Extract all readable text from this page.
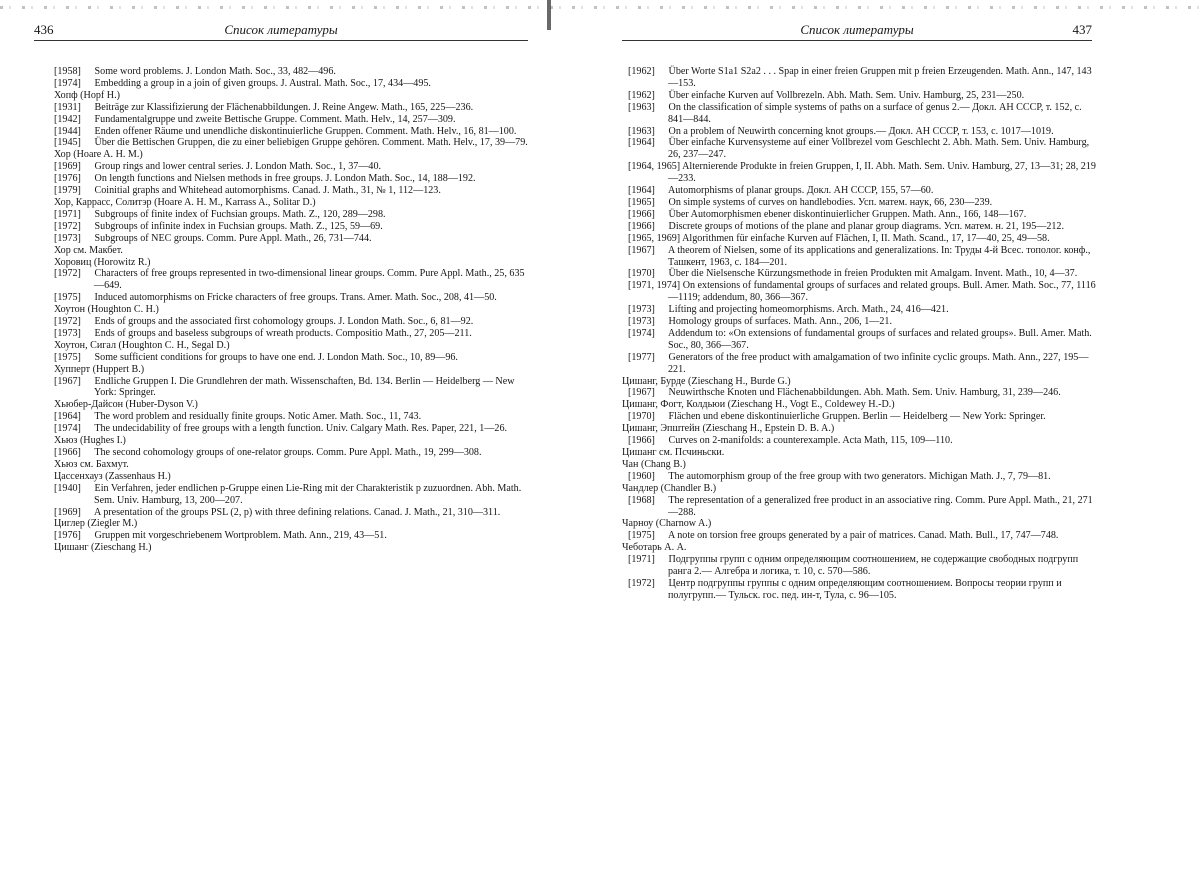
436	Список литературы
[1958] Some word problems. J. London Math. Soc., 33, 482—496.
[1974] Embedding a group in a join of given groups. J. Austral. Math. Soc., 17, 434—495.
Хопф (Hopf H.)
[1931] Beiträge zur Klassifizierung der Flächenabbildungen. J. Reine Angew. Math., 165, 225—236.
[1942] Fundamentalgruppe und zweite Bettische Gruppe. Comment. Math. Helv., 14, 257—309.
[1944] Enden offener Räume und unendliche diskontinuierliche Gruppen. Comment. Math. Helv., 16, 81—100.
[1945] Über die Bettischen Gruppen, die zu einer beliebigen Gruppe gehören. Comment. Math. Helv., 17, 39—79.
Хор (Hoare A. H. M.)
[1969] Group rings and lower central series. J. London Math. Soc., 1, 37—40.
[1976] On length functions and Nielsen methods in free groups. J. London Math. Soc., 14, 188—192.
[1979] Coinitial graphs and Whitehead automorphisms. Canad. J. Math., 31, № 1, 112—123.
Хор, Каррасс, Солитэр (Hoare A. H. M., Karrass A., Solitar D.)
[1971] Subgroups of finite index of Fuchsian groups. Math. Z., 120, 289—298.
[1972] Subgroups of infinite index in Fuchsian groups. Math. Z., 125, 59—69.
[1973] Subgroups of NEC groups. Comm. Pure Appl. Math., 26, 731—744.
Хор см. Макбет.
Хоровиц (Horowitz R.)
[1972] Characters of free groups represented in two-dimensional linear groups. Comm. Pure Appl. Math., 25, 635—649.
[1975] Induced automorphisms on Fricke characters of free groups. Trans. Amer. Math. Soc., 208, 41—50.
Хоутон (Houghton C. H.)
[1972] Ends of groups and the associated first cohomology groups. J. London Math. Soc., 6, 81—92.
[1973] Ends of groups and baseless subgroups of wreath products. Compositio Math., 27, 205—211.
Хоутон, Сигал (Houghton C. H., Segal D.)
[1975] Some sufficient conditions for groups to have one end. J. London Math. Soc., 10, 89—96.
Хупперт (Huppert B.)
[1967] Endliche Gruppen I. Die Grundlehren der math. Wissenschaften, Bd. 134. Berlin — Heidelberg — New York: Springer.
Хьюбер-Дайсон (Huber-Dyson V.)
[1964] The word problem and residually finite groups. Notic Amer. Math. Soc., 11, 743.
[1974] The undecidability of free groups with a length function. Univ. Calgary Math. Res. Paper, 221, 1—26.
Хьюз (Hughes I.)
[1966] The second cohomology groups of one-relator groups. Comm. Pure Appl. Math., 19, 299—308.
Хьюз см. Бахмут.
Цассенхауз (Zassenhaus H.)
[1940] Ein Verfahren, jeder endlichen p-Gruppe einen Lie-Ring mit der Charakteristik p zuzuordnen. Abh. Math. Sem. Univ. Hamburg, 13, 200—207.
[1969] A presentation of the groups PSL (2, p) with three defining relations. Canad. J. Math., 21, 310—311.
Циглер (Ziegler M.)
[1976] Gruppen mit vorgeschriebenem Wortproblem. Math. Ann., 219, 43—51.
Цишанг (Zieschang H.)
Список литературы	437
[1962] Über Worte S1a1 S2a2 . . . Spap in einer freien Gruppen mit p freien Erzeugenden. Math. Ann., 147, 143—153.
[1962] Über einfache Kurven auf Vollbrezeln. Abh. Math. Sem. Univ. Hamburg, 25, 231—250.
[1963] On the classification of simple systems of paths on a surface of genus 2.— Докл. АН СССР, т. 152, с. 841—844.
[1963] On a problem of Neuwirth concerning knot groups.— Докл. АН СССР, т. 153, с. 1017—1019.
[1964] Über einfache Kurvensysteme auf einer Vollbrezel vom Geschlecht 2. Abh. Math. Sem. Univ. Hamburg, 26, 237—247.
[1964, 1965] Alternierende Produkte in freien Gruppen, I, II. Abh. Math. Sem. Univ. Hamburg, 27, 13—31; 28, 219—233.
[1964] Automorphisms of planar groups. Докл. АН СССР, 155, 57—60.
[1965] On simple systems of curves on handlebodies. Усп. матем. наук, 66, 230—239.
[1966] Über Automorphismen ebener diskontinuierlicher Gruppen. Math. Ann., 166, 148—167.
[1966] Discrete groups of motions of the plane and planar group diagrams. Усп. матем. н. 21, 195—212.
[1965, 1969] Algorithmen für einfache Kurven auf Flächen, I, II. Math. Scand., 17, 17—40, 25, 49—58.
[1967] A theorem of Nielsen, some of its applications and generalizations. In: Труды 4-й Всес. тополог. конф., Ташкент, 1963, с. 184—201.
[1970] Über die Nielsensche Kürzungsmethode in freien Produkten mit Amalgam. Invent. Math., 10, 4—37.
[1971, 1974] On extensions of fundamental groups of surfaces and related groups. Bull. Amer. Math. Soc., 77, 1116—1119; addendum, 80, 366—367.
[1973] Lifting and projecting homeomorphisms. Arch. Math., 24, 416—421.
[1973] Homology groups of surfaces. Math. Ann., 206, 1—21.
[1974] Addendum to: «On extensions of fundamental groups of surfaces and related groups». Bull. Amer. Math. Soc., 80, 366—367.
[1977] Generators of the free product with amalgamation of two infinite cyclic groups. Math. Ann., 227, 195—221.
Цишанг, Бурде (Zieschang H., Burde G.)
[1967] Neuwirthsche Knoten und Flächenabbildungen. Abh. Math. Sem. Univ. Hamburg, 31, 239—246.
Цишанг, Фогт, Колдьюи (Zieschang H., Vogt E., Coldewey H.-D.)
[1970] Flächen und ebene diskontinuierliche Gruppen. Berlin — Heidelberg — New York: Springer.
Цишанг, Эпштейн (Zieschang H., Epstein D. B. A.)
[1966] Curves on 2-manifolds: a counterexample. Acta Math, 115, 109—110.
Цишанг см. Псчиньски.
Чан (Chang B.)
[1960] The automorphism group of the free group with two generators. Michigan Math. J., 7, 79—81.
Чандлер (Chandler B.)
[1968] The representation of a generalized free product in an associative ring. Comm. Pure Appl. Math., 21, 271—288.
Чарноу (Charnow A.)
[1975] A note on torsion free groups generated by a pair of matrices. Canad. Math. Bull., 17, 747—748.
Чеботарь А. А.
[1971] Подгруппы групп с одним определяющим соотношением, не содержащие свободных подгрупп ранга 2.— Алгебра и логика, т. 10, с. 570—586.
[1972] Центр подгруппы группы с одним определяющим соотношением. Вопросы теории групп и полугрупп.— Тульск. гос. пед. ин-т, Тула, с. 96—105.
